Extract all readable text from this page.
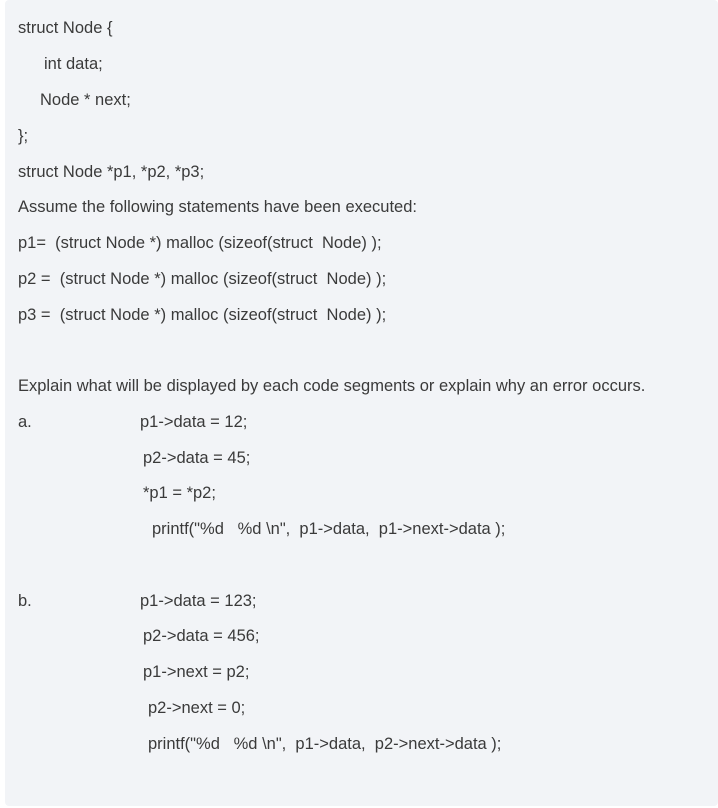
struct Node {
int data;
Node * next;
};
struct Node *p1, *p2, *p3;
Assume the following statements have been executed:
p1=  (struct Node *) malloc (sizeof(struct  Node) );
p2 =  (struct Node *) malloc (sizeof(struct  Node) );
p3 =  (struct Node *) malloc (sizeof(struct  Node) );
Explain what will be displayed by each code segments or explain why an error occurs.
a.	p1->data = 12;
p2->data = 45;
*p1 = *p2;
printf("%d   %d \n",  p1->data,  p1->next->data );
b.	p1->data = 123;
p2->data = 456;
p1->next = p2;
p2->next = 0;
printf("%d   %d \n",  p1->data,  p2->next->data );
